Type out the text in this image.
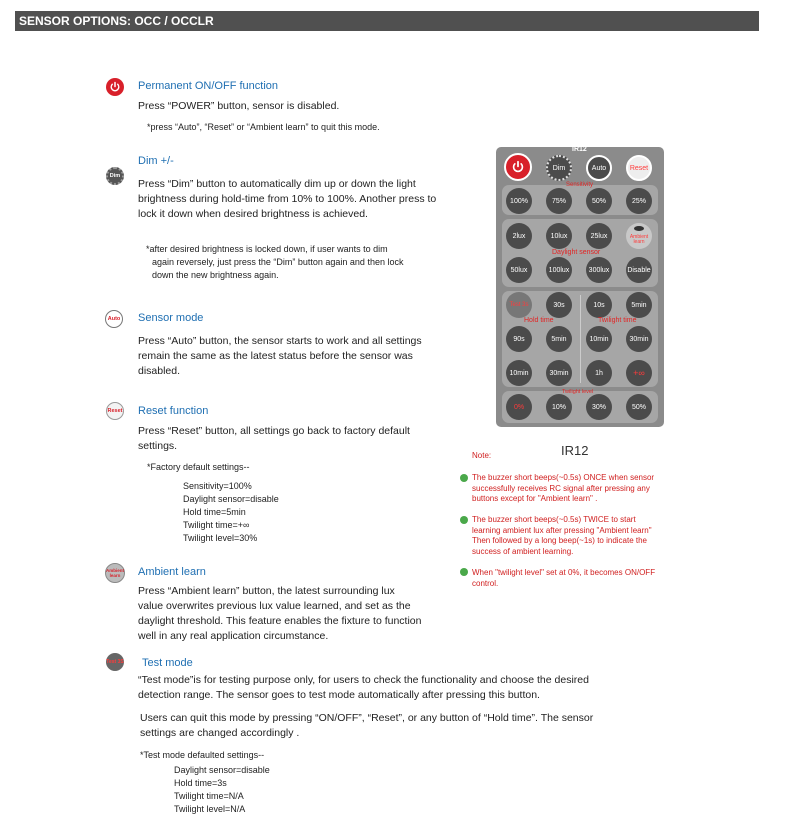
SENSOR OPTIONS: OCC / OCCLR
Permanent ON/OFF function
Press “POWER” button, sensor is disabled.
*press “Auto”, “Reset” or “Ambient learn” to quit this mode.
Dim
Dim +/-
Press “Dim” button to automatically dim up or down the light
brightness during hold-time from 10% to 100%. Another press to
lock it down when desired brightness is achieved.
*after desired brightness is locked down, if user wants to dim
again reversely, just press the “Dim” button again and then lock
down the new brightness again.
Auto Sensor mode
Press “Auto” button, the sensor starts to work and all settings
remain the same as the latest status before the sensor was
disabled.
Reset Reset function
Press “Reset” button, all settings go back to factory default
settings.
*Factory default settings--
Sensitivity=100%
Daylight sensor=disable
Hold time=5min
Twilight time=+∞
Twilight level=30%
Ambient learn	Ambient learn
Press “Ambient learn” button, the latest surrounding lux
value overwrites previous lux value learned, and set as the
daylight threshold. This feature enables the fixture to function
well in any real application circumstance.
Test 3S Test mode
“Test mode”is for testing purpose only, for users to check the functionality and choose the desired
detection range. The sensor goes to test mode automatically after pressing this button.
Users can quit this mode by pressing “ON/OFF”, “Reset”, or any button of “Hold time”. The sensor
settings are changed accordingly .
*Test mode defaulted settings--
Daylight sensor=disable
Hold time=3s
Twilight time=N/A
Twilight level=N/A
IR12
Dim	Auto	Reset
Sensitivity
100%	75%	50%	25%
2lux	10lux	25lux	Ambient learn
Daylight sensor
50lux	100lux	300lux	Disable
Test 3s	30s	10s	5min
Hold time	Twilight time
90s	5min	10min	30min
10min	30min	1h	+∞
Twilight level
0%	10%	30%	50%
IR12
Note:
The buzzer short beeps(~0.5s) ONCE when sensor
successfully receives RC signal after pressing any
buttons except for "Ambient learn" .
The buzzer short beeps(~0.5s) TWICE to start
learning ambient lux after pressing "Ambient learn"
Then followed by a long beep(~1s) to indicate the
success of ambient learning.
When "twilight level" set at 0%, it becomes ON/OFF
control.
